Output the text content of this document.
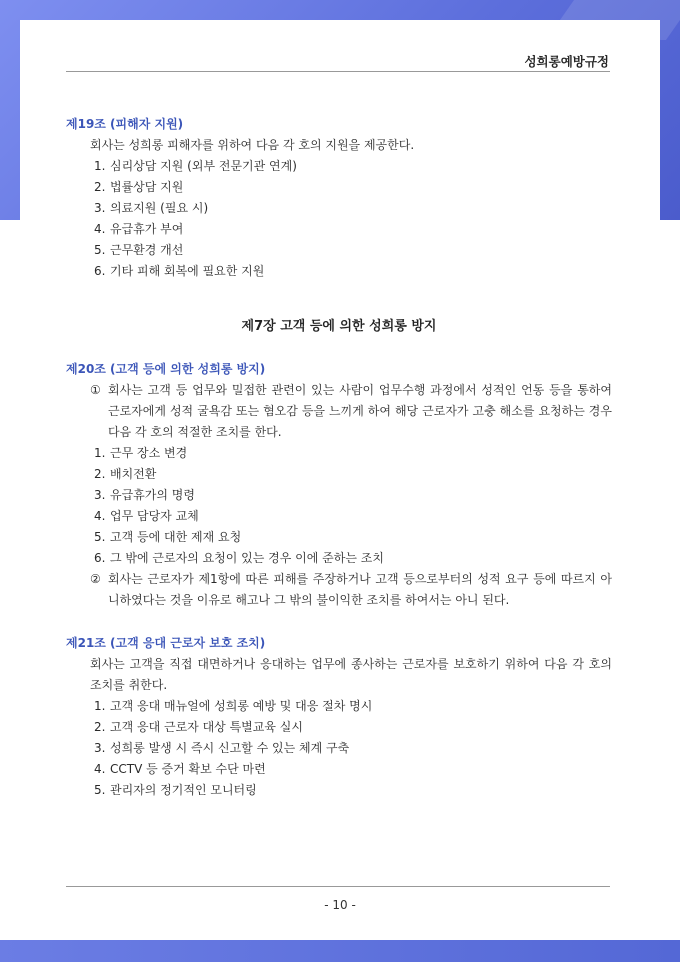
성희롱예방규정

제19조 (피해자 지원)

회사는 성희롱 피해자를 위하여 다음 각 호의 지원을 제공한다.

1. 심리상담 지원 (외부 전문기관 연계)
2. 법률상담 지원
3. 의료지원 (필요 시)
4. 유급휴가 부여
5. 근무환경 개선
6. 기타 피해 회복에 필요한 지원

제7장 고객 등에 의한 성희롱 방지

제20조 (고객 등에 의한 성희롱 방지)

① 회사는 고객 등 업무와 밀접한 관련이 있는 사람이 업무수행 과정에서 성적인 언동 등을 통하여 근로자에게 성적 굴욕감 또는 혐오감 등을 느끼게 하여 해당 근로자가 고충 해소를 요청하는 경우 다음 각 호의 적절한 조치를 한다.
1. 근무 장소 변경
2. 배치전환
3. 유급휴가의 명령
4. 업무 담당자 교체
5. 고객 등에 대한 제재 요청
6. 그 밖에 근로자의 요청이 있는 경우 이에 준하는 조치
② 회사는 근로자가 제1항에 따른 피해를 주장하거나 고객 등으로부터의 성적 요구 등에 따르지 아니하였다는 것을 이유로 해고나 그 밖의 불이익한 조치를 하여서는 아니 된다.

제21조 (고객 응대 근로자 보호 조치)

회사는 고객을 직접 대면하거나 응대하는 업무에 종사하는 근로자를 보호하기 위하여 다음 각 호의 조치를 취한다.

1. 고객 응대 매뉴얼에 성희롱 예방 및 대응 절차 명시
2. 고객 응대 근로자 대상 특별교육 실시
3. 성희롱 발생 시 즉시 신고할 수 있는 체계 구축
4. CCTV 등 증거 확보 수단 마련
5. 관리자의 정기적인 모니터링
- 10 -
